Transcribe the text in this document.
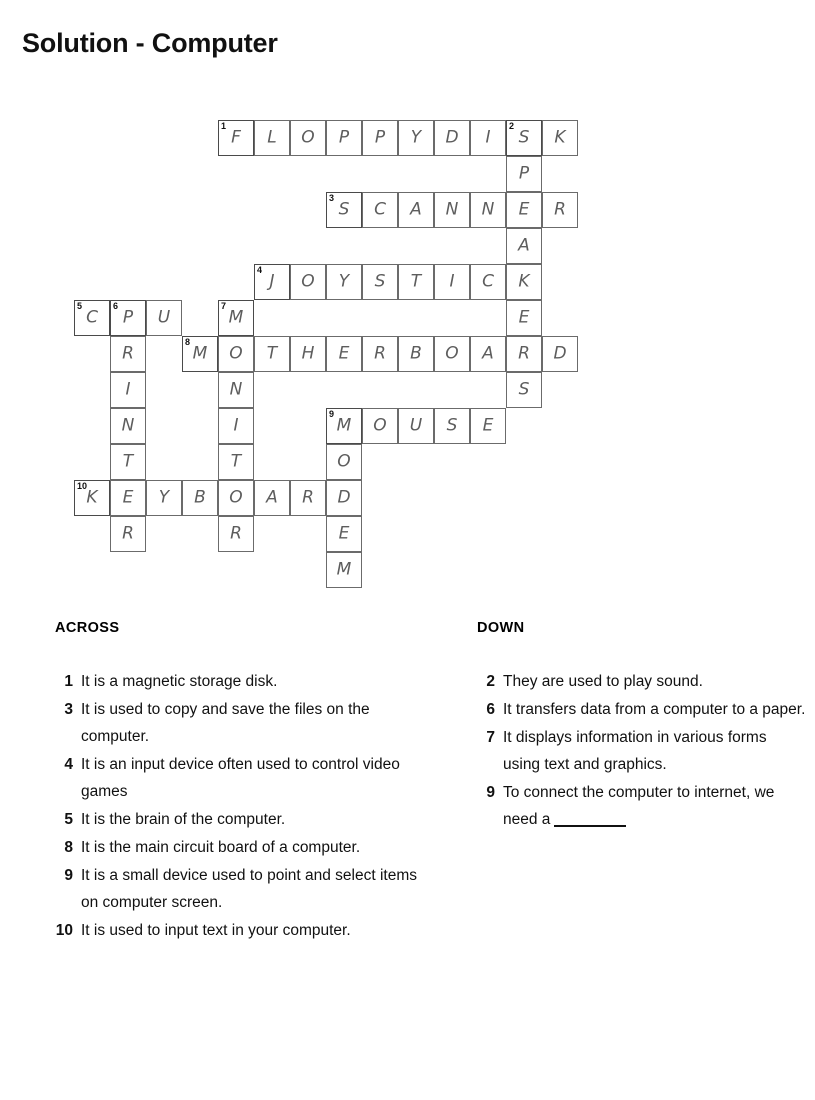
Solution - Computer
1
F	L	O	P	P	Y	D	I
2
S	K
P
E
A
K
E
R
S
3
S	C	A	N	N	R
4
J	O	Y	S	T	I	C
5
C
6
P	U
R
I
N
T
E
R
7
M
O
N
I
T
O
R
8
M	T	H	E	R	B	O	A	D
9
M	O	U	S	E
O
D
E
M
10
K	Y	B	A	R
ACROSS
1 It is a magnetic storage disk.
3 It is used to copy and save the files on the computer.
4 It is an input device often used to control video games
5 It is the brain of the computer.
8 It is the main circuit board of a computer.
9 It is a small device used to point and select items on computer screen.
10 It is used to input text in your computer.
DOWN
2 They are used to play sound.
6 It transfers data from a computer to a paper.
7 It displays information in various forms using text and graphics.
9 To connect the computer to internet, we need a
